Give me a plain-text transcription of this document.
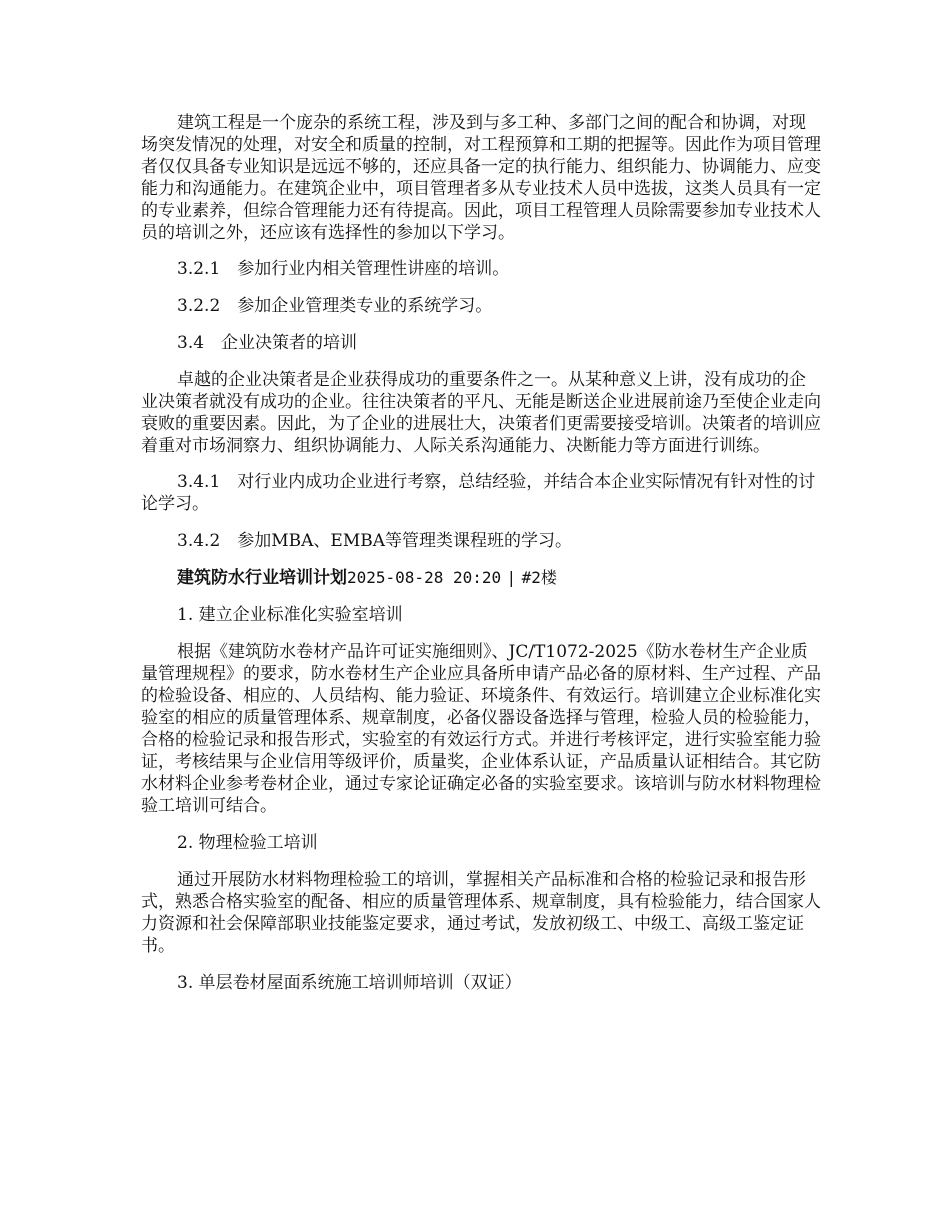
建筑工程是一个庞杂的系统工程，涉及到与多工种、多部门之间的配合和协调，对现场突发情况的处理，对安全和质量的控制，对工程预算和工期的把握等。因此作为项目管理者仅仅具备专业知识是远远不够的，还应具备一定的执行能力、组织能力、协调能力、应变能力和沟通能力。在建筑企业中，项目管理者多从专业技术人员中选拔，这类人员具有一定的专业素养，但综合管理能力还有待提高。因此，项目工程管理人员除需要参加专业技术人员的培训之外，还应该有选择性的参加以下学习。

3.2.1　参加行业内相关管理性讲座的培训。

3.2.2　参加企业管理类专业的系统学习。

3.4　企业决策者的培训

卓越的企业决策者是企业获得成功的重要条件之一。从某种意义上讲，没有成功的企业决策者就没有成功的企业。往往决策者的平凡、无能是断送企业进展前途乃至使企业走向衰败的重要因素。因此，为了企业的进展壮大，决策者们更需要接受培训。决策者的培训应着重对市场洞察力、组织协调能力、人际关系沟通能力、决断能力等方面进行训练。

3.4.1　对行业内成功企业进行考察，总结经验，并结合本企业实际情况有针对性的讨论学习。

3.4.2　参加MBA、EMBA等管理类课程班的学习。

建筑防水行业培训计划2025-08-28 20:20 | #2楼

1. 建立企业标准化实验室培训

根据《建筑防水卷材产品许可证实施细则》、JC/T1072-2025《防水卷材生产企业质量管理规程》的要求，防水卷材生产企业应具备所申请产品必备的原材料、生产过程、产品的检验设备、相应的、人员结构、能力验证、环境条件、有效运行。培训建立企业标准化实验室的相应的质量管理体系、规章制度，必备仪器设备选择与管理，检验人员的检验能力，合格的检验记录和报告形式，实验室的有效运行方式。并进行考核评定，进行实验室能力验证，考核结果与企业信用等级评价，质量奖，企业体系认证，产品质量认证相结合。其它防水材料企业参考卷材企业，通过专家论证确定必备的实验室要求。该培训与防水材料物理检验工培训可结合。

2. 物理检验工培训

通过开展防水材料物理检验工的培训，掌握相关产品标准和合格的检验记录和报告形式，熟悉合格实验室的配备、相应的质量管理体系、规章制度，具有检验能力，结合国家人力资源和社会保障部职业技能鉴定要求，通过考试，发放初级工、中级工、高级工鉴定证书。

3. 单层卷材屋面系统施工培训师培训（双证）
